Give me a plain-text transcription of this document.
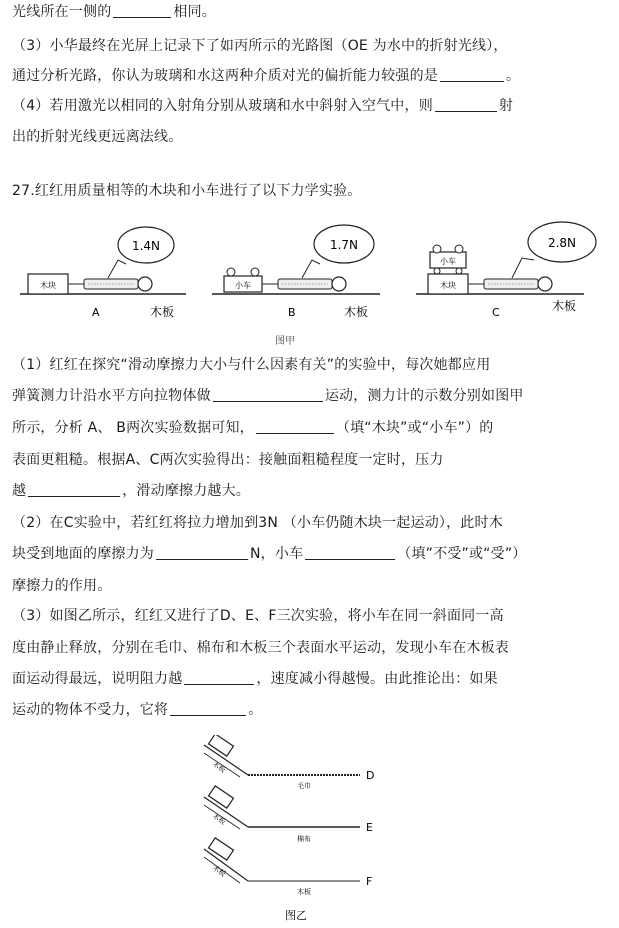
光线所在一侧的	相同。
（3）小华最终在光屏上记录下了如丙所示的光路图（OE 为水中的折射光线），
通过分析光路，你认为玻璃和水这两种介质对光的偏折能力较强的是	。
（4）若用激光以相同的入射角分别从玻璃和水中斜射入空气中，则	射
出的折射光线更远离法线。
27.红红用质量相等的木块和小车进行了以下力学实验。
木块
1.4N
A	木板
小车
1.7N
B	木板
木块
小车
2.8N
C	木板
图甲
（1）红红在探究“滑动摩擦力大小与什么因素有关”的实验中，每次她都应用
弹簧测力计沿水平方向拉物体做	运动，测力计的示数分别如图甲
所示，分析 A、 B两次实验数据可知，	（填“木块”或“小车”）的
表面更粗糙。根据A、C两次实验得出：接触面粗糙程度一定时，压力
越	，滑动摩擦力越大。
（2）在C实验中，若红红将拉力增加到3N （小车仍随木块一起运动），此时木
块受到地面的摩擦力为	N，小车	（填”不受”或“受”）
摩擦力的作用。
（3）如图乙所示，红红又进行了D、E、F三次实验，将小车在同一斜面同一高
度由静止释放，分别在毛巾、棉布和木板三个表面水平运动，发现小车在木板表
面运动得最远，说明阻力越	，速度减小得越慢。由此推论出：如果
运动的物体不受力，它将	。
木板
毛巾
D
木板
棉布
E
木板
木板
F
图乙
